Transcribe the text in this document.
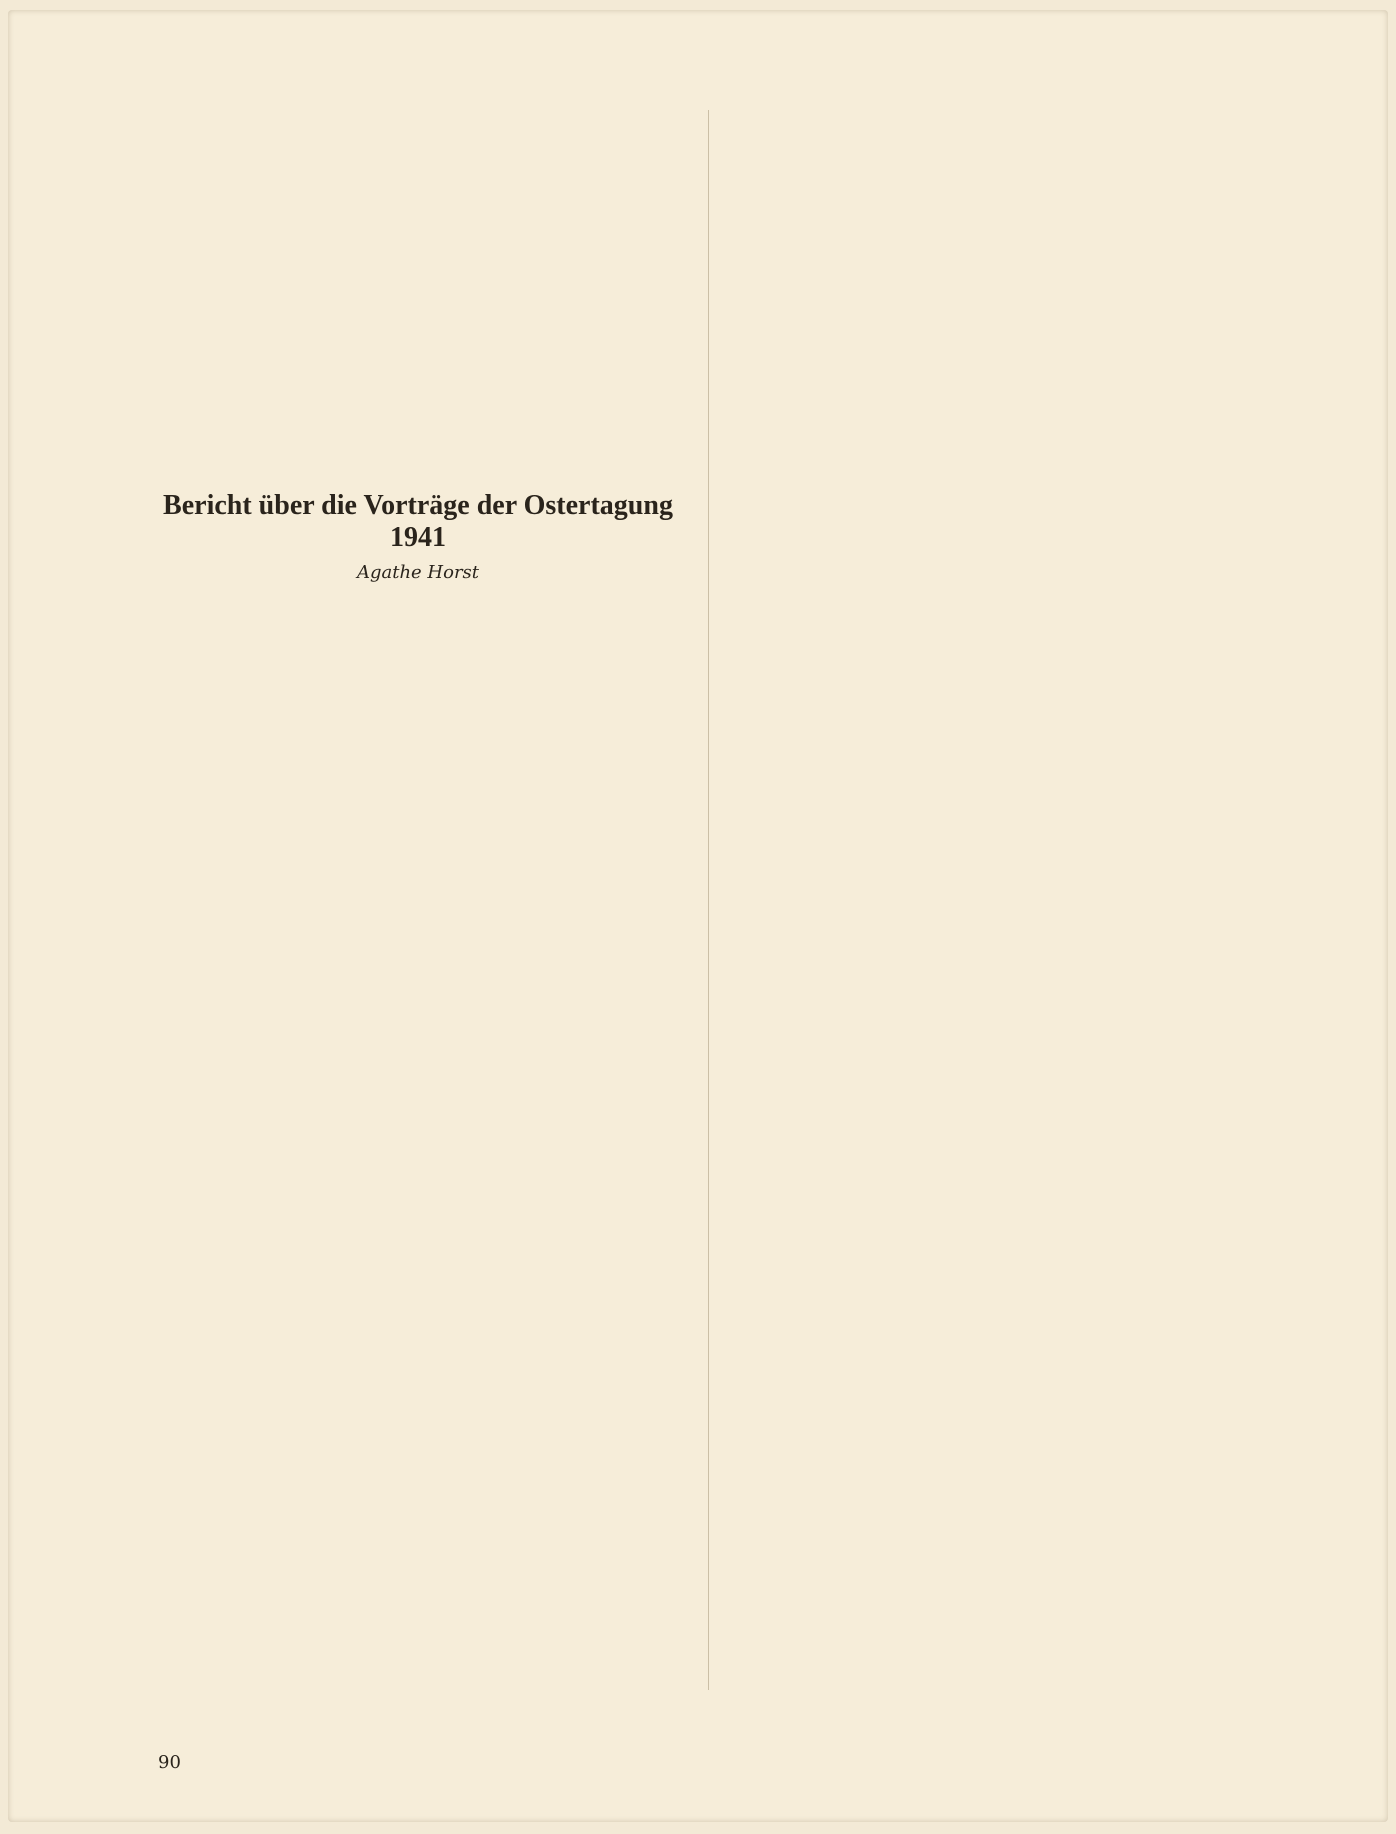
Bericht über die Vorträge der Ostertagung 1941
Agathe Horst

90
